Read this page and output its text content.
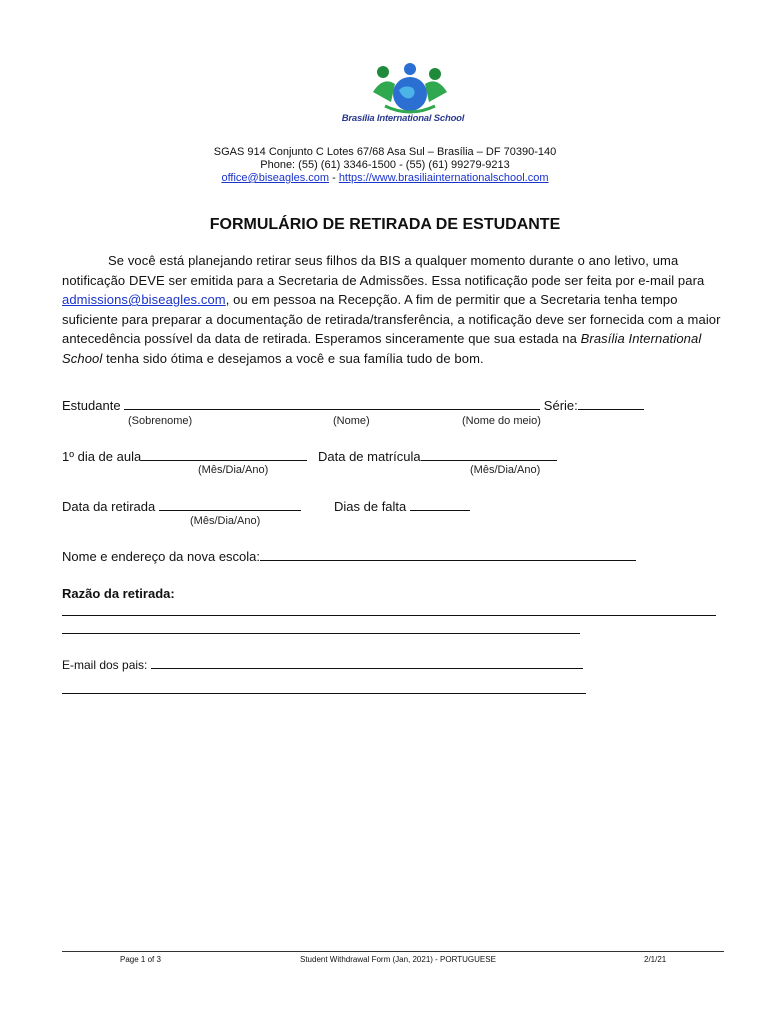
Brasília International School
SGAS 914 Conjunto C Lotes 67/68 Asa Sul – Brasília – DF 70390-140
Phone: (55) (61) 3346-1500 - (55) (61) 99279-9213
office@biseagles.com - https://www.brasiliainternationalschool.com
FORMULÁRIO DE RETIRADA DE ESTUDANTE
Se você está planejando retirar seus filhos da BIS a qualquer momento durante o ano letivo, uma notificação DEVE ser emitida para a Secretaria de Admissões. Essa notificação pode ser feita por e-mail para admissions@biseagles.com, ou em pessoa na Recepção. A fim de permitir que a Secretaria tenha tempo suficiente para preparar a documentação de retirada/transferência, a notificação deve ser fornecida com a maior antecedência possível da data de retirada. Esperamos sinceramente que sua estada na Brasília International School tenha sido ótima e desejamos a você e sua família tudo de bom.
Estudante	Série:
(Sobrenome)	(Nome)	(Nome do meio)
1º dia de aula	Data de matrícula
(Mês/Dia/Ano)	(Mês/Dia/Ano)
Data da retirada	Dias de falta
(Mês/Dia/Ano)
Nome e endereço da nova escola:
Razão da retirada:
E-mail dos pais:
Page 1 of 3	Student Withdrawal Form (Jan, 2021) - PORTUGUESE	2/1/21
